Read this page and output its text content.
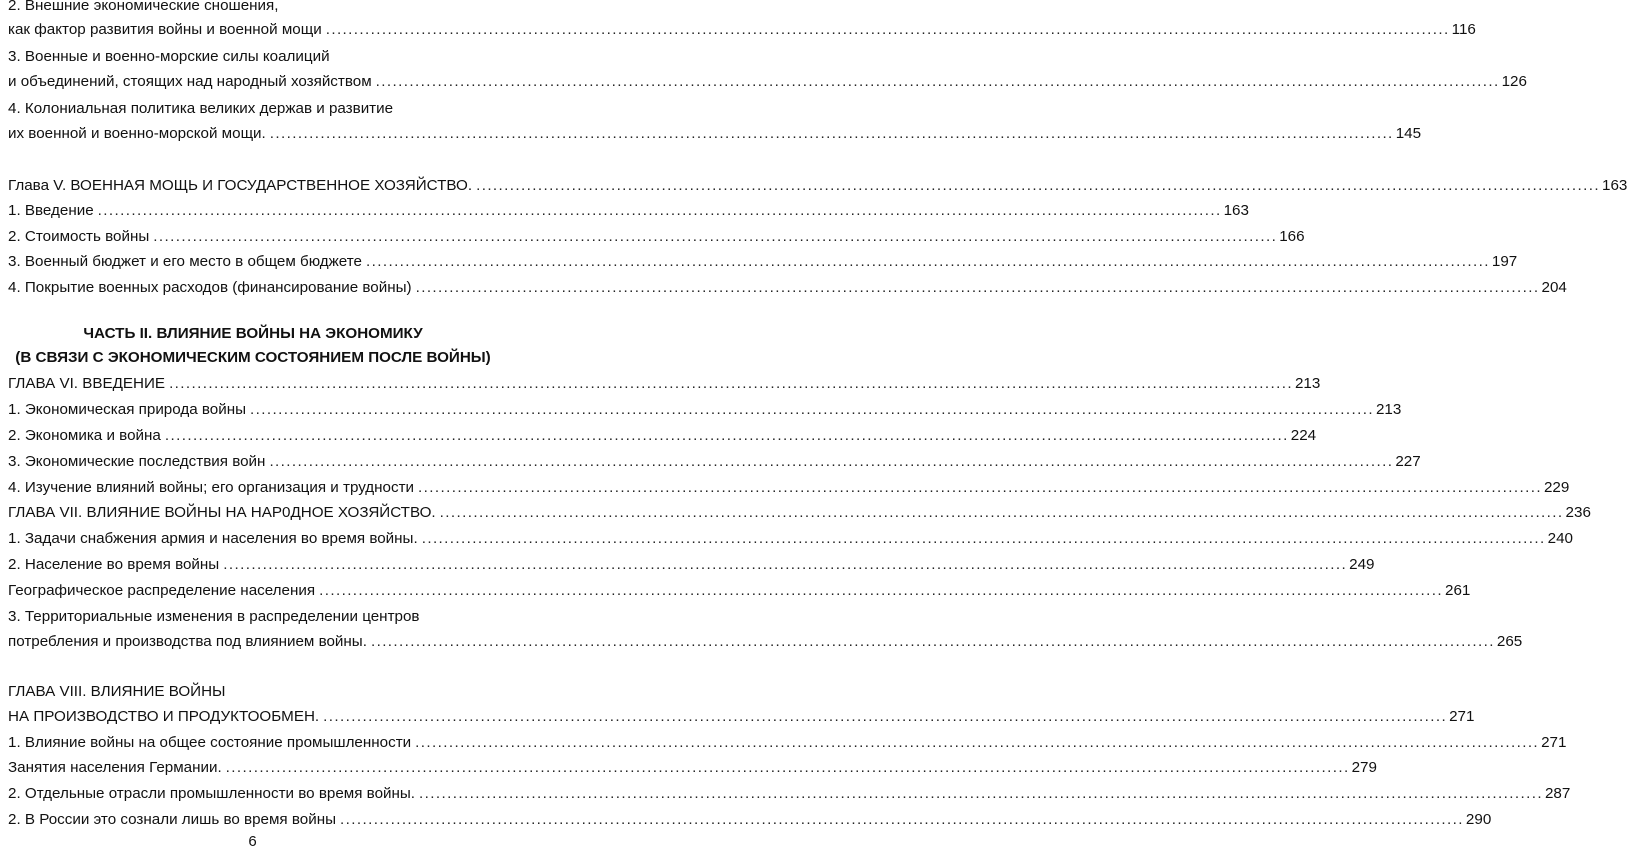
2. Внешние экономические сношения,
как фактор развития войны и военной мощи ........................................................................................................................................................................................................ 116
3. Военные и военно-морские силы коалиций
и объединений, стоящих над народный хозяйством ........................................................................................................................................................................................................ 126
4. Колониальная политика великих держав и развитие
их военной и военно-морской мощи. ........................................................................................................................................................................................................ 145
Глава V. ВОЕННАЯ МОЩЬ И ГОСУДАРСТВЕННОЕ ХОЗЯЙСТВО. ........................................................................................................................................................................................................ 163
1. Введение ........................................................................................................................................................................................................ 163
2. Стоимость войны ........................................................................................................................................................................................................ 166
3. Военный бюджет и его место в общем бюджете ........................................................................................................................................................................................................ 197
4. Покрытие военных расходов (финансирование войны) ........................................................................................................................................................................................................ 204
ЧАСТЬ II. ВЛИЯНИЕ ВОЙНЫ НА ЭКОНОМИКУ
(В СВЯЗИ С ЭКОНОМИЧЕСКИМ СОСТОЯНИЕМ ПОСЛЕ ВОЙНЫ)
ГЛАВА VI. ВВЕДЕНИЕ ........................................................................................................................................................................................................ 213
1. Экономическая природа войны ........................................................................................................................................................................................................ 213
2. Экономика и война ........................................................................................................................................................................................................ 224
3. Экономические последствия войн ........................................................................................................................................................................................................ 227
4. Изучение влияний войны; его организация и трудности ........................................................................................................................................................................................................ 229
ГЛАВА VII. ВЛИЯНИЕ ВОЙНЫ НА НАР0ДНОЕ ХОЗЯЙСТВО. ........................................................................................................................................................................................................ 236
1. Задачи снабжения армия и населения во время войны. ........................................................................................................................................................................................................ 240
2. Население во время войны ........................................................................................................................................................................................................ 249
Географическое распределение населения ........................................................................................................................................................................................................ 261
3. Территориальные изменения в распределении центров
потребления и производства под влиянием войны. ........................................................................................................................................................................................................ 265
ГЛАВА VIII. ВЛИЯНИЕ ВОЙНЫ
НА ПРОИЗВОДСТВО И ПРОДУКТООБМЕН. ........................................................................................................................................................................................................ 271
1. Влияние войны на общее состояние промышленности ........................................................................................................................................................................................................ 271
Занятия населения Германии. ........................................................................................................................................................................................................ 279
2. Отдельные отрасли промышленности во время войны. ........................................................................................................................................................................................................ 287
2. В России это сознали лишь во время войны ........................................................................................................................................................................................................ 290
6
